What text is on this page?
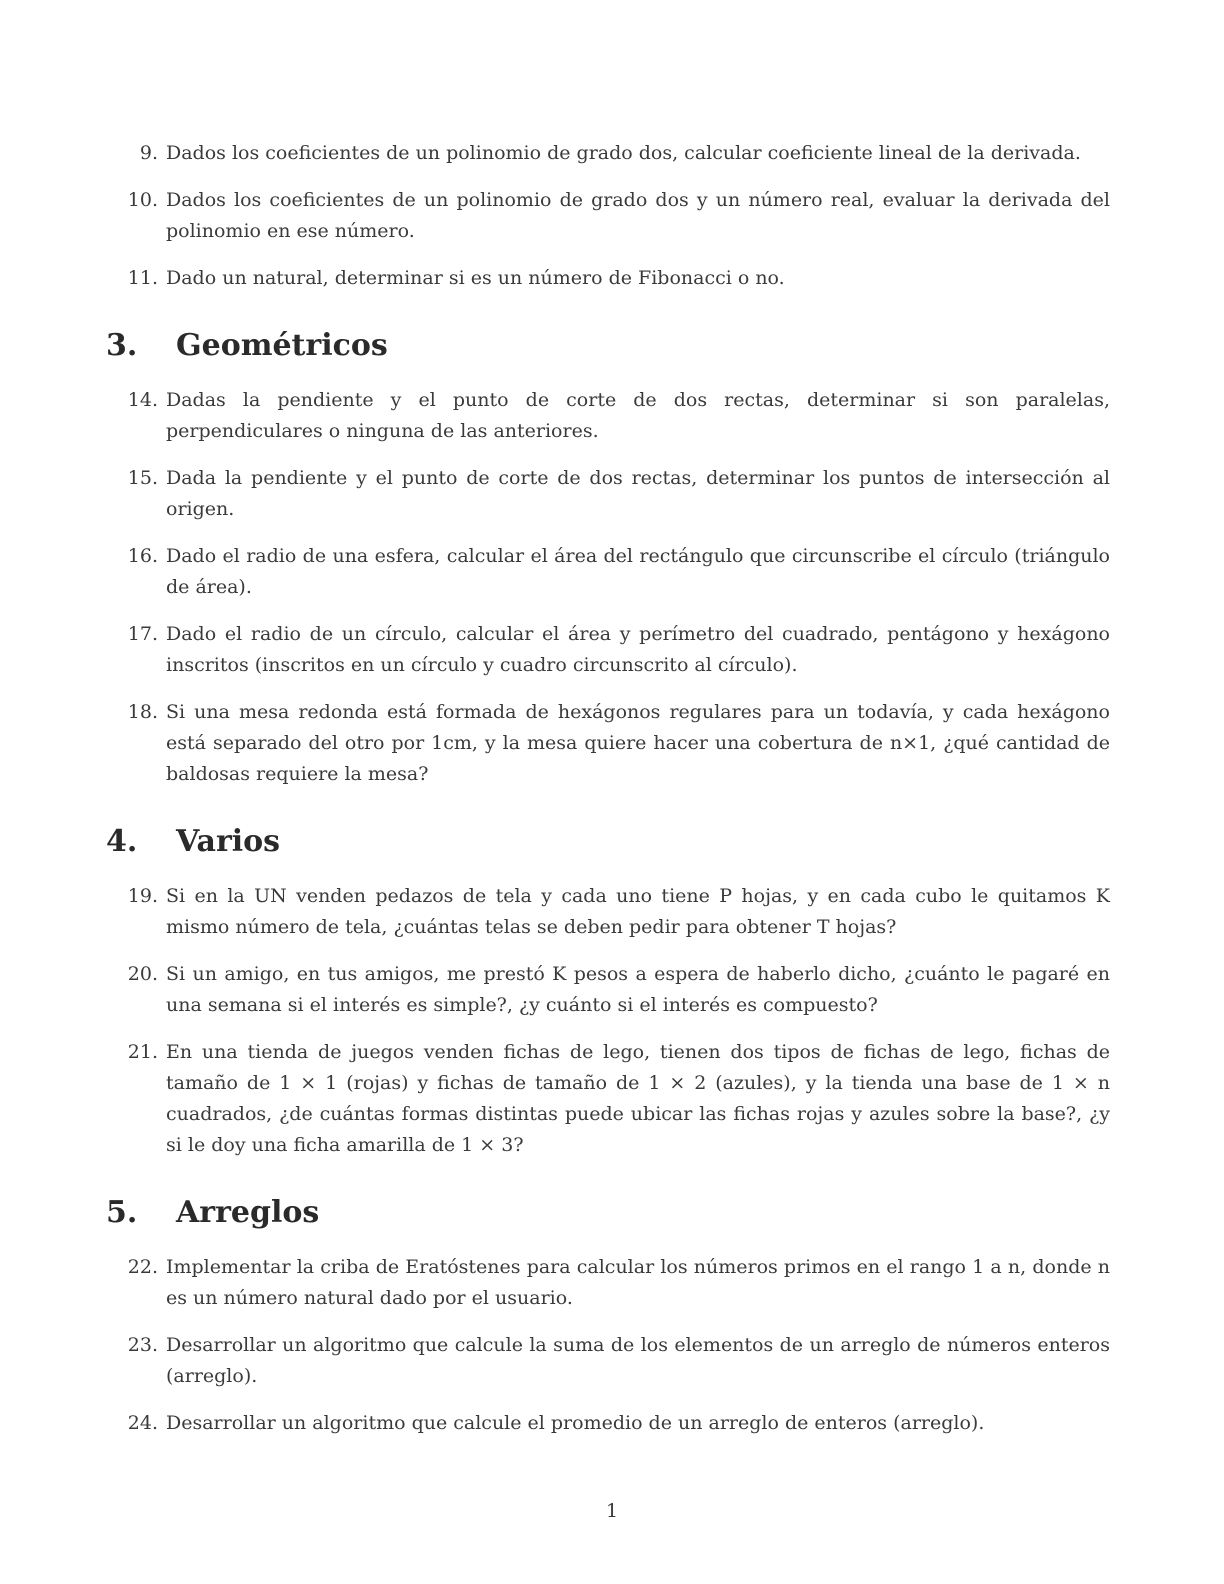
9. Dados los coeficientes de un polinomio de grado dos, calcular coeficiente lineal de la derivada.
10. Dados los coeficientes de un polinomio de grado dos y un número real, evaluar la derivada del polinomio en ese número.
11. Dado un natural, determinar si es un número de Fibonacci o no.
3.	Geométricos
14. Dadas la pendiente y el punto de corte de dos rectas, determinar si son paralelas, perpendiculares o ninguna de las anteriores.
15. Dada la pendiente y el punto de corte de dos rectas, determinar los puntos de intersección al origen.
16. Dado el radio de una esfera, calcular el área del rectángulo que circunscribe el círculo (triángulo de área).
17. Dado el radio de un círculo, calcular el área y perímetro del cuadrado, pentágono y hexágono inscritos (inscritos en un círculo y cuadro circunscrito al círculo).
18. Si una mesa redonda está formada de hexágonos regulares para un todavía, y cada hexágono está separado del otro por 1cm, y la mesa quiere hacer una cobertura de n×1, ¿qué cantidad de baldosas requiere la mesa?
4.	Varios
19. Si en la UN venden pedazos de tela y cada uno tiene P hojas, y en cada cubo le quitamos K mismo número de tela, ¿cuántas telas se deben pedir para obtener T hojas?
20. Si un amigo, en tus amigos, me prestó K pesos a espera de haberlo dicho, ¿cuánto le pagaré en una semana si el interés es simple?, ¿y cuánto si el interés es compuesto?
21. En una tienda de juegos venden fichas de lego, tienen dos tipos de fichas de lego, fichas de tamaño de 1 × 1 (rojas) y fichas de tamaño de 1 × 2 (azules), y la tienda una base de 1 × n cuadrados, ¿de cuántas formas distintas puede ubicar las fichas rojas y azules sobre la base?, ¿y si le doy una ficha amarilla de 1 × 3?
5.	Arreglos
22. Implementar la criba de Eratóstenes para calcular los números primos en el rango 1 a n, donde n es un número natural dado por el usuario.
23. Desarrollar un algoritmo que calcule la suma de los elementos de un arreglo de números enteros (arreglo).
24. Desarrollar un algoritmo que calcule el promedio de un arreglo de enteros (arreglo).
1
